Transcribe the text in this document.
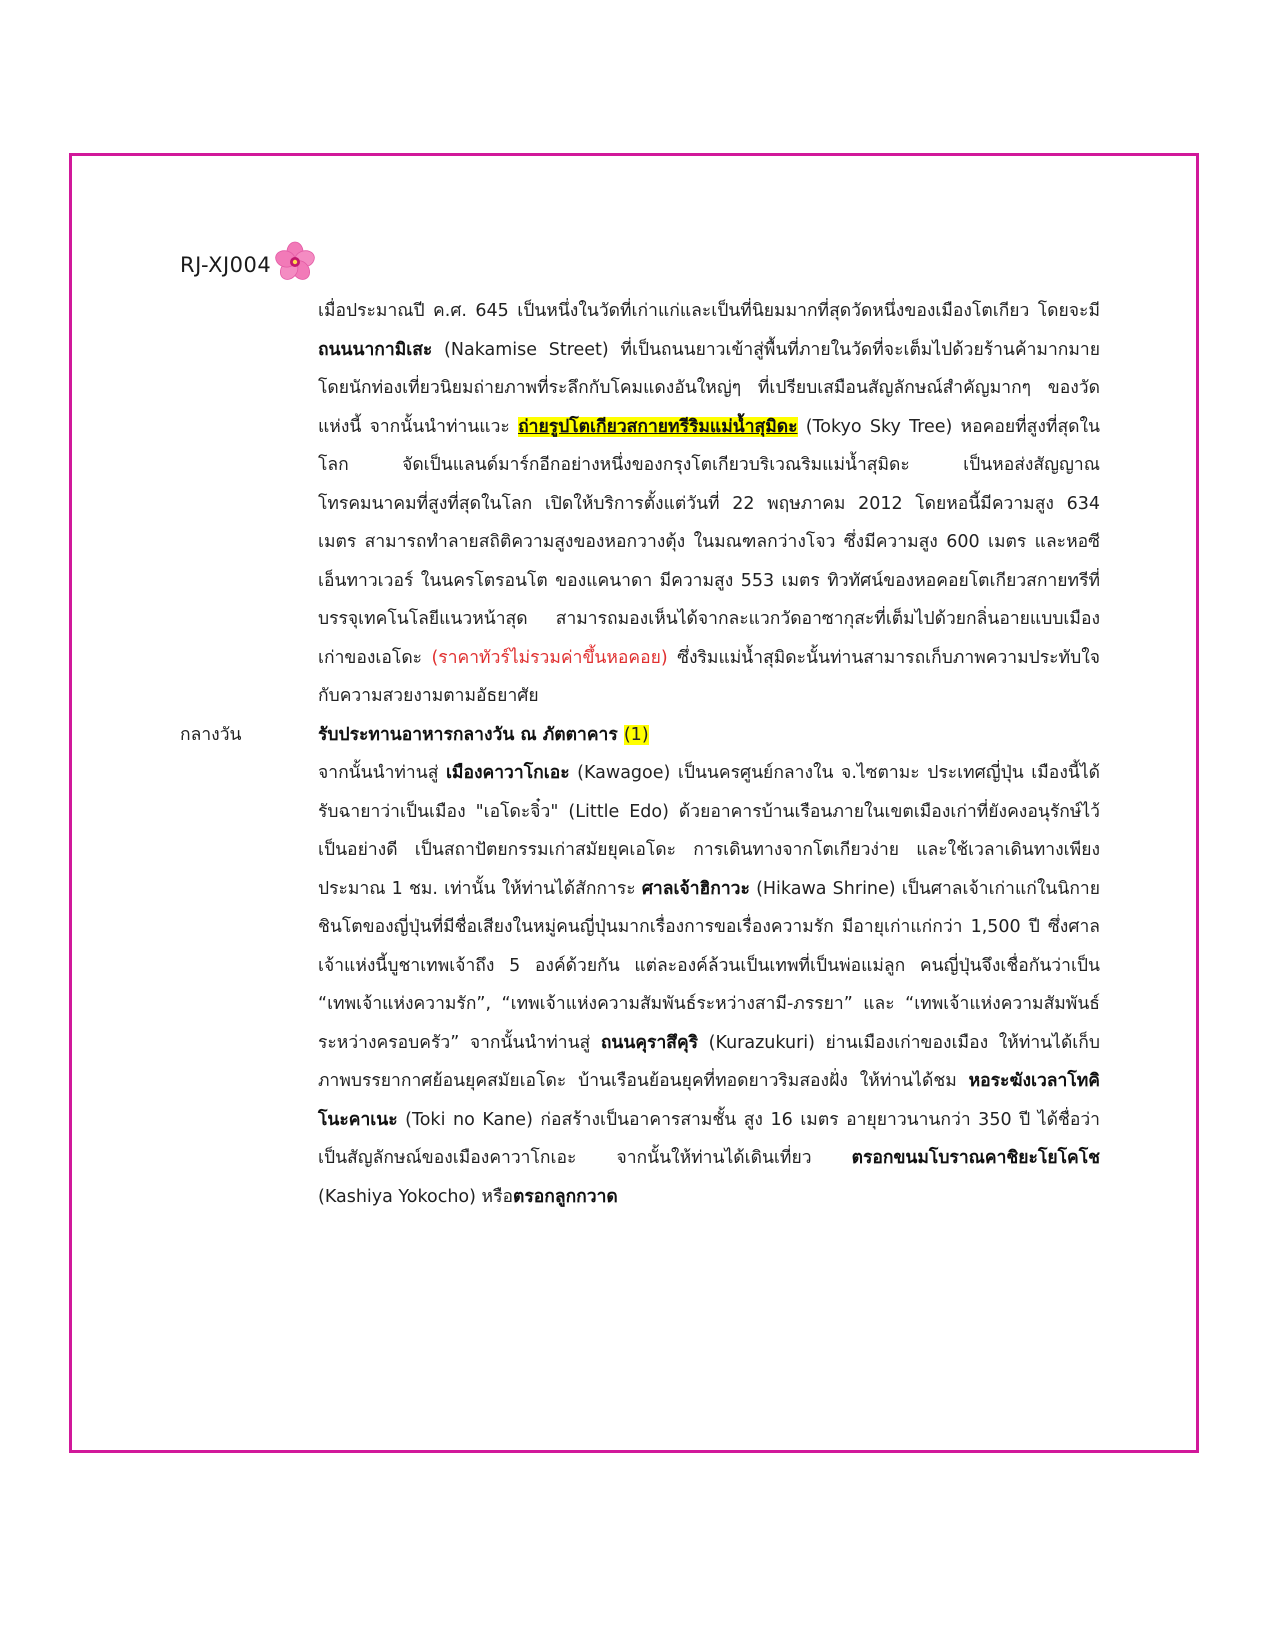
RJ-XJ004
เมื่อประมาณปี ค.ศ. 645 เป็นหนึ่งในวัดที่เก่าแก่และเป็นที่นิยมมากที่สุดวัดหนึ่งของเมืองโตเกียว โดยจะมี ถนนนากามิเสะ (Nakamise Street) ที่เป็นถนนยาวเข้าสู่พื้นที่ภายในวัดที่จะเต็มไปด้วยร้านค้ามากมาย โดยนักท่องเที่ยวนิยมถ่ายภาพที่ระลึกกับโคมแดงอันใหญ่ๆ ที่เปรียบเสมือนสัญลักษณ์สำคัญมากๆ ของวัดแห่งนี้ จากนั้นนำท่านแวะ ถ่ายรูปโตเกียวสกายทรีริมแม่น้ำสุมิดะ (Tokyo Sky Tree) หอคอยที่สูงที่สุดในโลก จัดเป็นแลนด์มาร์กอีกอย่างหนึ่งของกรุงโตเกียวบริเวณริมแม่น้ำสุมิดะ เป็นหอส่งสัญญาณโทรคมนาคมที่สูงที่สุดในโลก เปิดให้บริการตั้งแต่วันที่ 22 พฤษภาคม 2012 โดยหอนี้มีความสูง 634 เมตร สามารถทำลายสถิติความสูงของหอกวางตุ้ง ในมณฑลกว่างโจว ซึ่งมีความสูง 600 เมตร และหอซีเอ็นทาวเวอร์ ในนครโตรอนโต ของแคนาดา มีความสูง 553 เมตร ทิวทัศน์ของหอคอยโตเกียวสกายทรีที่บรรจุเทคโนโลยีแนวหน้าสุด สามารถมองเห็นได้จากละแวกวัดอาซากุสะที่เต็มไปด้วยกลิ่นอายแบบเมืองเก่าของเอโดะ (ราคาทัวร์ไม่รวมค่าขึ้นหอคอย) ซึ่งริมแม่น้ำสุมิดะนั้นท่านสามารถเก็บภาพความประทับใจกับความสวยงามตามอัธยาศัย
กลางวัน	รับประทานอาหารกลางวัน ณ ภัตตาคาร (1)
จากนั้นนำท่านสู่ เมืองคาวาโกเอะ (Kawagoe) เป็นนครศูนย์กลางใน จ.ไซตามะ ประเทศญี่ปุ่น เมืองนี้ได้รับฉายาว่าเป็นเมือง "เอโดะจิ๋ว" (Little Edo) ด้วยอาคารบ้านเรือนภายในเขตเมืองเก่าที่ยังคงอนุรักษ์ไว้เป็นอย่างดี เป็นสถาปัตยกรรมเก่าสมัยยุคเอโดะ การเดินทางจากโตเกียวง่าย และใช้เวลาเดินทางเพียงประมาณ 1 ชม. เท่านั้น ให้ท่านได้สักการะ ศาลเจ้าฮิกาวะ (Hikawa Shrine) เป็นศาลเจ้าเก่าแก่ในนิกายชินโตของญี่ปุ่นที่มีชื่อเสียงในหมู่คนญี่ปุ่นมากเรื่องการขอเรื่องความรัก มีอายุเก่าแก่กว่า 1,500 ปี ซึ่งศาลเจ้าแห่งนี้บูชาเทพเจ้าถึง 5 องค์ด้วยกัน แต่ละองค์ล้วนเป็นเทพที่เป็นพ่อแม่ลูก คนญี่ปุ่นจึงเชื่อกันว่าเป็น “เทพเจ้าแห่งความรัก”, “เทพเจ้าแห่งความสัมพันธ์ระหว่างสามี-ภรรยา” และ “เทพเจ้าแห่งความสัมพันธ์ระหว่างครอบครัว” จากนั้นนำท่านสู่ ถนนคุราสึคุริ (Kurazukuri) ย่านเมืองเก่าของเมือง ให้ท่านได้เก็บภาพบรรยากาศย้อนยุคสมัยเอโดะ บ้านเรือนย้อนยุคที่ทอดยาวริมสองฝั่ง ให้ท่านได้ชม หอระฆังเวลาโทคิโนะคาเนะ (Toki no Kane) ก่อสร้างเป็นอาคารสามชั้น สูง 16 เมตร อายุยาวนานกว่า 350 ปี ได้ชื่อว่า เป็นสัญลักษณ์ของเมืองคาวาโกเอะ จากนั้นให้ท่านได้เดินเที่ยว ตรอกขนมโบราณคาชิยะโยโคโช (Kashiya Yokocho) หรือตรอกลูกกวาด
